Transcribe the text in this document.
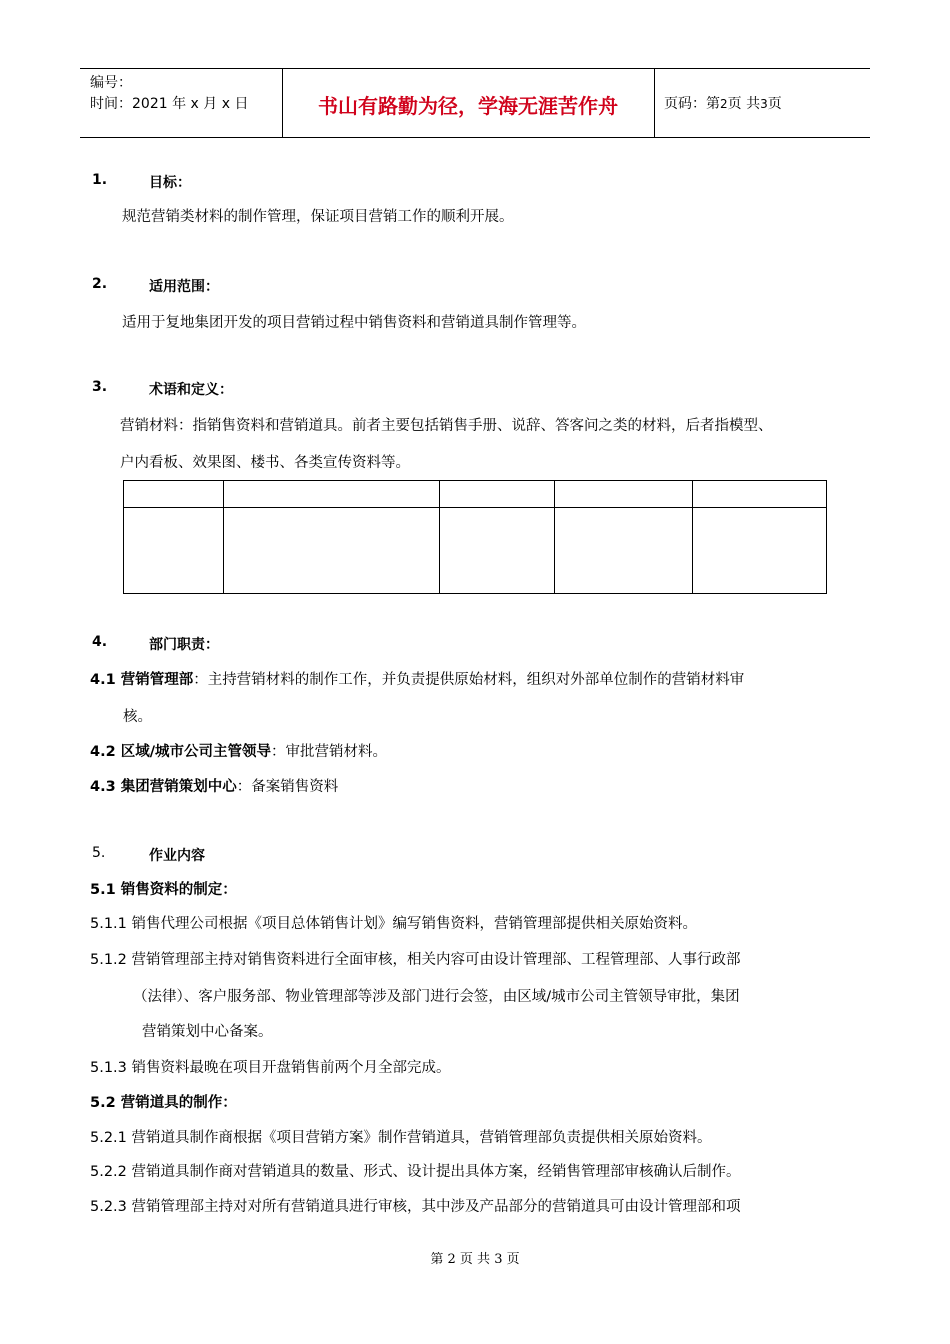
编号：
时间：2021 年 x 月 x 日	书山有路勤为径，学海无涯苦作舟	页码：第2页 共3页
1.	目标：
规范营销类材料的制作管理，保证项目营销工作的顺利开展。
2.	适用范围：
适用于复地集团开发的项目营销过程中销售资料和营销道具制作管理等。
3.	术语和定义：
营销材料：指销售资料和营销道具。前者主要包括销售手册、说辞、答客问之类的材料，后者指模型、
户内看板、效果图、楼书、各类宣传资料等。
4.	部门职责：
4.1 营销管理部：主持营销材料的制作工作，并负责提供原始材料，组织对外部单位制作的营销材料审
核。
4.2 区域/城市公司主管领导：审批营销材料。
4.3 集团营销策划中心：备案销售资料
5.	作业内容
5.1 销售资料的制定：
5.1.1 销售代理公司根据《项目总体销售计划》编写销售资料，营销管理部提供相关原始资料。
5.1.2 营销管理部主持对销售资料进行全面审核，相关内容可由设计管理部、工程管理部、人事行政部
（法律）、客户服务部、物业管理部等涉及部门进行会签，由区域/城市公司主管领导审批，集团
营销策划中心备案。
5.1.3 销售资料最晚在项目开盘销售前两个月全部完成。
5.2 营销道具的制作：
5.2.1 营销道具制作商根据《项目营销方案》制作营销道具，营销管理部负责提供相关原始资料。
5.2.2 营销道具制作商对营销道具的数量、形式、设计提出具体方案，经销售管理部审核确认后制作。
5.2.3 营销管理部主持对对所有营销道具进行审核，其中涉及产品部分的营销道具可由设计管理部和项
第 2 页 共 3 页
